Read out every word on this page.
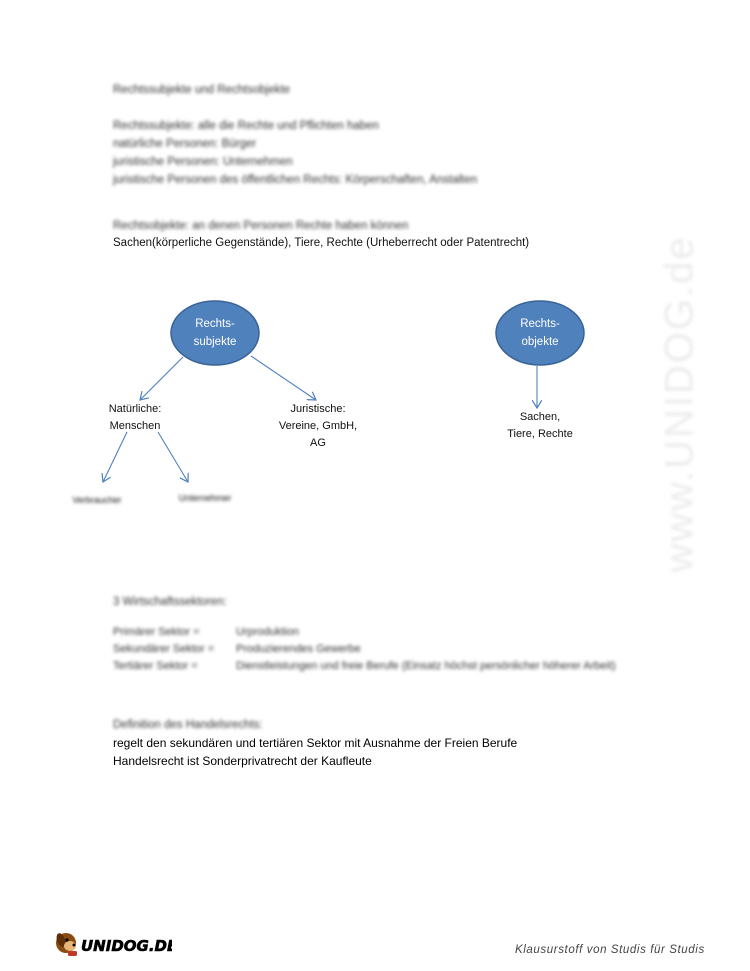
www.UNIDOG.de
Rechtssubjekte und Rechtsobjekte
Rechtssubjekte: alle die Rechte und Pflichten haben
natürliche Personen: Bürger
juristische Personen: Unternehmen
juristische Personen des öffentlichen Rechts: Körperschaften, Anstalten
Rechtsobjekte: an denen Personen Rechte haben können
Sachen(körperliche Gegenstände), Tiere, Rechte (Urheberrecht oder Patentrecht)
Rechts-
subjekte
Rechts-
objekte
Natürliche:
Menschen
Juristische:
Vereine, GmbH,
AG
Sachen,
Tiere, Rechte
Verbraucher	Unternehmer
3 Wirtschaftssektoren:
Primärer Sektor =
Sekundärer Sektor =
Tertiärer Sektor =
Urproduktion
Produzierendes Gewerbe
Dienstleistungen und freie Berufe (Einsatz höchst persönlicher höherer Arbeit)
Definition des Handelsrechts:
regelt den sekundären und tertiären Sektor mit Ausnahme der Freien Berufe
Handelsrecht ist Sonderprivatrecht der Kaufleute
UNIDOG.DE	Klausurstoff von Studis für Studis
